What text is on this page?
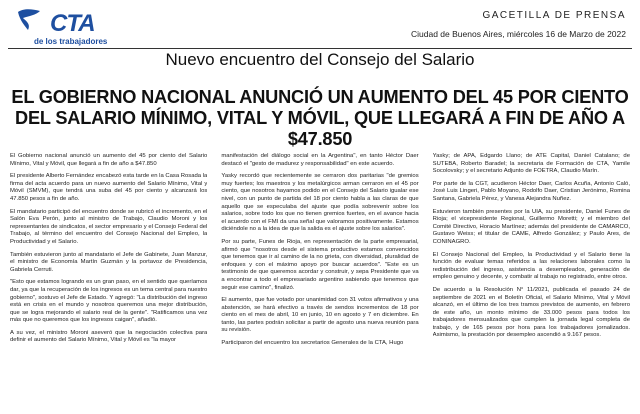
CTA
de los trabajadores
GACETILLA DE PRENSA
Ciudad de Buenos Aires, miércoles 16 de Marzo de 2022
Nuevo encuentro del Consejo del Salario
EL GOBIERNO NACIONAL ANUNCIÓ UN AUMENTO DEL 45 POR CIENTO DEL SALARIO MÍNIMO, VITAL Y MÓVIL, QUE LLEGARÁ A FIN DE AÑO A $47.850

El Gobierno nacional anunció un aumento del 45 por ciento del Salario Mínimo, Vital y Móvil, que llegará a fin de año a $47.850

El presidente Alberto Fernández encabezó esta tarde en la Casa Rosada la firma del acta acuerdo para un nuevo aumento del Salario Mínimo, Vital y Móvil (SMVM), que tendrá una suba del 45 por ciento y alcanzará los 47.850 pesos a fin de año.

El mandatario participó del encuentro donde se rubricó el incremento, en el Salón Eva Perón, junto al ministro de Trabajo, Claudio Moroni y los representantes de sindicatos, el sector empresario y el Consejo Federal del Trabajo, al término del encuentro del Consejo Nacional del Empleo, la Productividad y el Salario.

También estuvieron junto al mandatario el Jefe de Gabinete, Juan Manzur, el ministro de Economía Martín Guzmán y la portavoz de Presidencia, Gabriela Cerruti.

"Esto que estamos logrando es un gran paso, en el sentido que queríamos dar, ya que la recuperación de los ingresos es un tema central para nuestro gobierno", sostuvo el Jefe de Estado. Y agregó: "La distribución del ingreso está en crisis en el mundo y nosotros queremos una mejor distribución, que se logra mejorando el salario real de la gente". "Ratificamos una vez más que no queremos que los ingresos caigan", añadió.

A su vez, el ministro Moroni aseveró que la negociación colectiva para definir el aumento del Salario Mínimo, Vital y Móvil es "la mayor

manifestación del diálogo social en la Argentina", en tanto Héctor Daer destacó el "gesto de madurez y responsabilidad" en este acuerdo.

Yasky recordó que recientemente se cerraron dos paritarias "de gremios muy fuertes; los maestros y los metalúrgicos arman cerraron en el 45 por ciento, que nosotros hayamos podido en el Consejo del Salario igualar ese nivel, con un punto de partida del 18 por ciento habla a las claras de que aquello que se especulaba del ajuste que podía sobrevenir sobre los salarios, sobre todo los que no tienen gremios fuertes, en el avance hacia el acuerdo con el FMI da una señal que valoramos positivamente. Estamos diciéndole no a la idea de que la salida es el ajuste sobre los salarios".

Por su parte, Funes de Rioja, en representación de la parte empresarial, afirmó que "nosotros desde el sistema productivo estamos convencidos que tenemos que ir al camino de la no grieta, con diversidad, pluralidad de enfoques y con el máximo apoyo por buscar acuerdos". "Este es un testimonio de que queremos acordar y construir, y sepa Presidente que va a encontrar a todo el empresariado argentino sabiendo que tenemos que seguir ese camino", finalizó.

El aumento, que fue votado por unanimidad con 31 votos afirmativos y una abstención, se hará efectivo a través de sendos incrementos de 18 por ciento en el mes de abril, 10 en junio, 10 en agosto y 7 en diciembre. En tanto, las partes podrán solicitar a partir de agosto una nueva reunión para su revisión.

Participaron del encuentro los secretarios Generales de la CTA, Hugo

Yasky; de APA, Edgardo Llano; de ATE Capital, Daniel Catalano; de SUTEBA, Roberto Baradel; la secretaria de Formación de CTA, Yamile Socolovsky; y el secretario Adjunto de FOETRA, Claudio Marín.

Por parte de la CGT, acudieron Héctor Daer, Carlos Acuña, Antonio Caló, José Luis Lingeri, Pablo Moyano, Rodolfo Daer, Cristian Jerónimo, Romina Santana, Gabriela Pérez, y Vanesa Alejandra Nuñez.

Estuvieron también presentes por la UIA, su presidente, Daniel Funes de Rioja; el vicepresidente Regional, Guillermo Moretti; y el miembro del Comité Directivo, Horacio Martínez; además del presidente de CAMARCO, Gustavo Weiss; el titular de CAME, Alfredo González; y Paulo Ares, de CONINAGRO.

El Consejo Nacional del Empleo, la Productividad y el Salario tiene la función de evaluar temas referidos a las relaciones laborales como la redistribución del ingreso, asistencia a desempleados, generación de empleo genuino y decente, y combatir al trabajo no registrado, entre otros.

De acuerdo a la Resolución N° 11/2021, publicada el pasado 24 de septiembre de 2021 en el Boletín Oficial, el Salario Mínimo, Vital y Móvil alcanzó, en el último de los tres tramos previstos de aumento, en febrero de este año, un monto mínimo de 33.000 pesos para todos los trabajadores mensualizados que cumplen la jornada legal completa de trabajo, y de 165 pesos por hora para los trabajadores jornalizados. Asimismo, la prestación por desempleo ascendió a 9.167 pesos.
